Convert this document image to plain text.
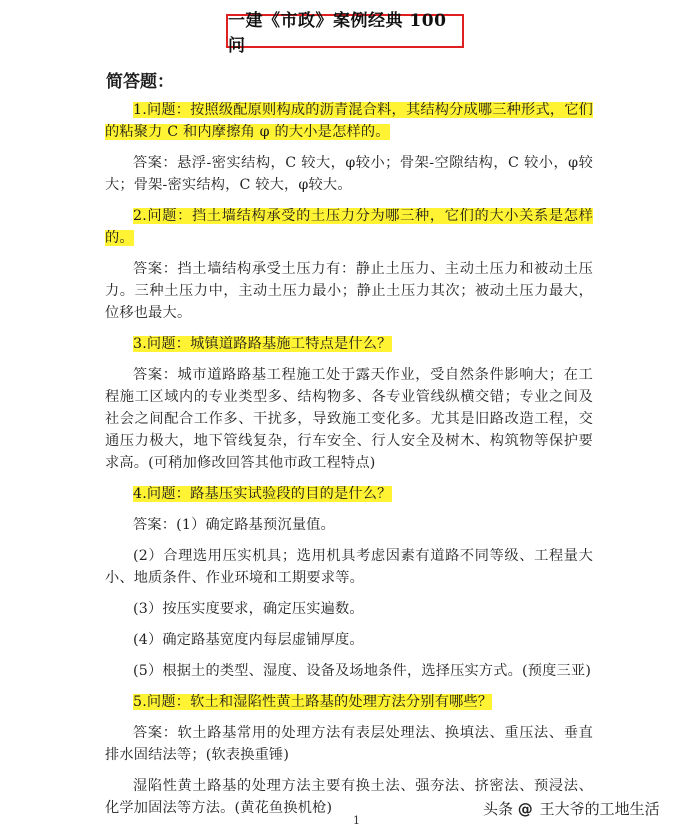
一建《市政》案例经典 100 问
简答题：

1.问题：按照级配原则构成的沥青混合料，其结构分成哪三种形式，它们的粘聚力 C 和内摩擦角 φ 的大小是怎样的。

答案：悬浮-密实结构，C 较大，φ较小；骨架-空隙结构，C 较小，φ较大；骨架-密实结构，C 较大，φ较大。

2.问题：挡土墙结构承受的土压力分为哪三种，它们的大小关系是怎样的。

答案：挡土墙结构承受土压力有：静止土压力、主动土压力和被动土压力。三种土压力中，主动土压力最小；静止土压力其次；被动土压力最大，位移也最大。

3.问题：城镇道路路基施工特点是什么？

答案：城市道路路基工程施工处于露天作业，受自然条件影响大；在工程施工区域内的专业类型多、结构物多、各专业管线纵横交错；专业之间及社会之间配合工作多、干扰多，导致施工变化多。尤其是旧路改造工程，交通压力极大，地下管线复杂，行车安全、行人安全及树木、构筑物等保护要求高。(可稍加修改回答其他市政工程特点)

4.问题：路基压实试验段的目的是什么？

答案：(1）确定路基预沉量值。

(2）合理选用压实机具；选用机具考虑因素有道路不同等级、工程量大小、地质条件、作业环境和工期要求等。

(3）按压实度要求，确定压实遍数。

(4）确定路基宽度内每层虚铺厚度。

(5）根据土的类型、湿度、设备及场地条件，选择压实方式。(预度三亚)

5.问题：软土和湿陷性黄土路基的处理方法分别有哪些？

答案：软土路基常用的处理方法有表层处理法、换填法、重压法、垂直排水固结法等；(软表换重锤)

湿陷性黄土路基的处理方法主要有换土法、强夯法、挤密法、预浸法、化学加固法等方法。(黄花鱼换机枪)	头条 @ 王大爷的工地生活
1
